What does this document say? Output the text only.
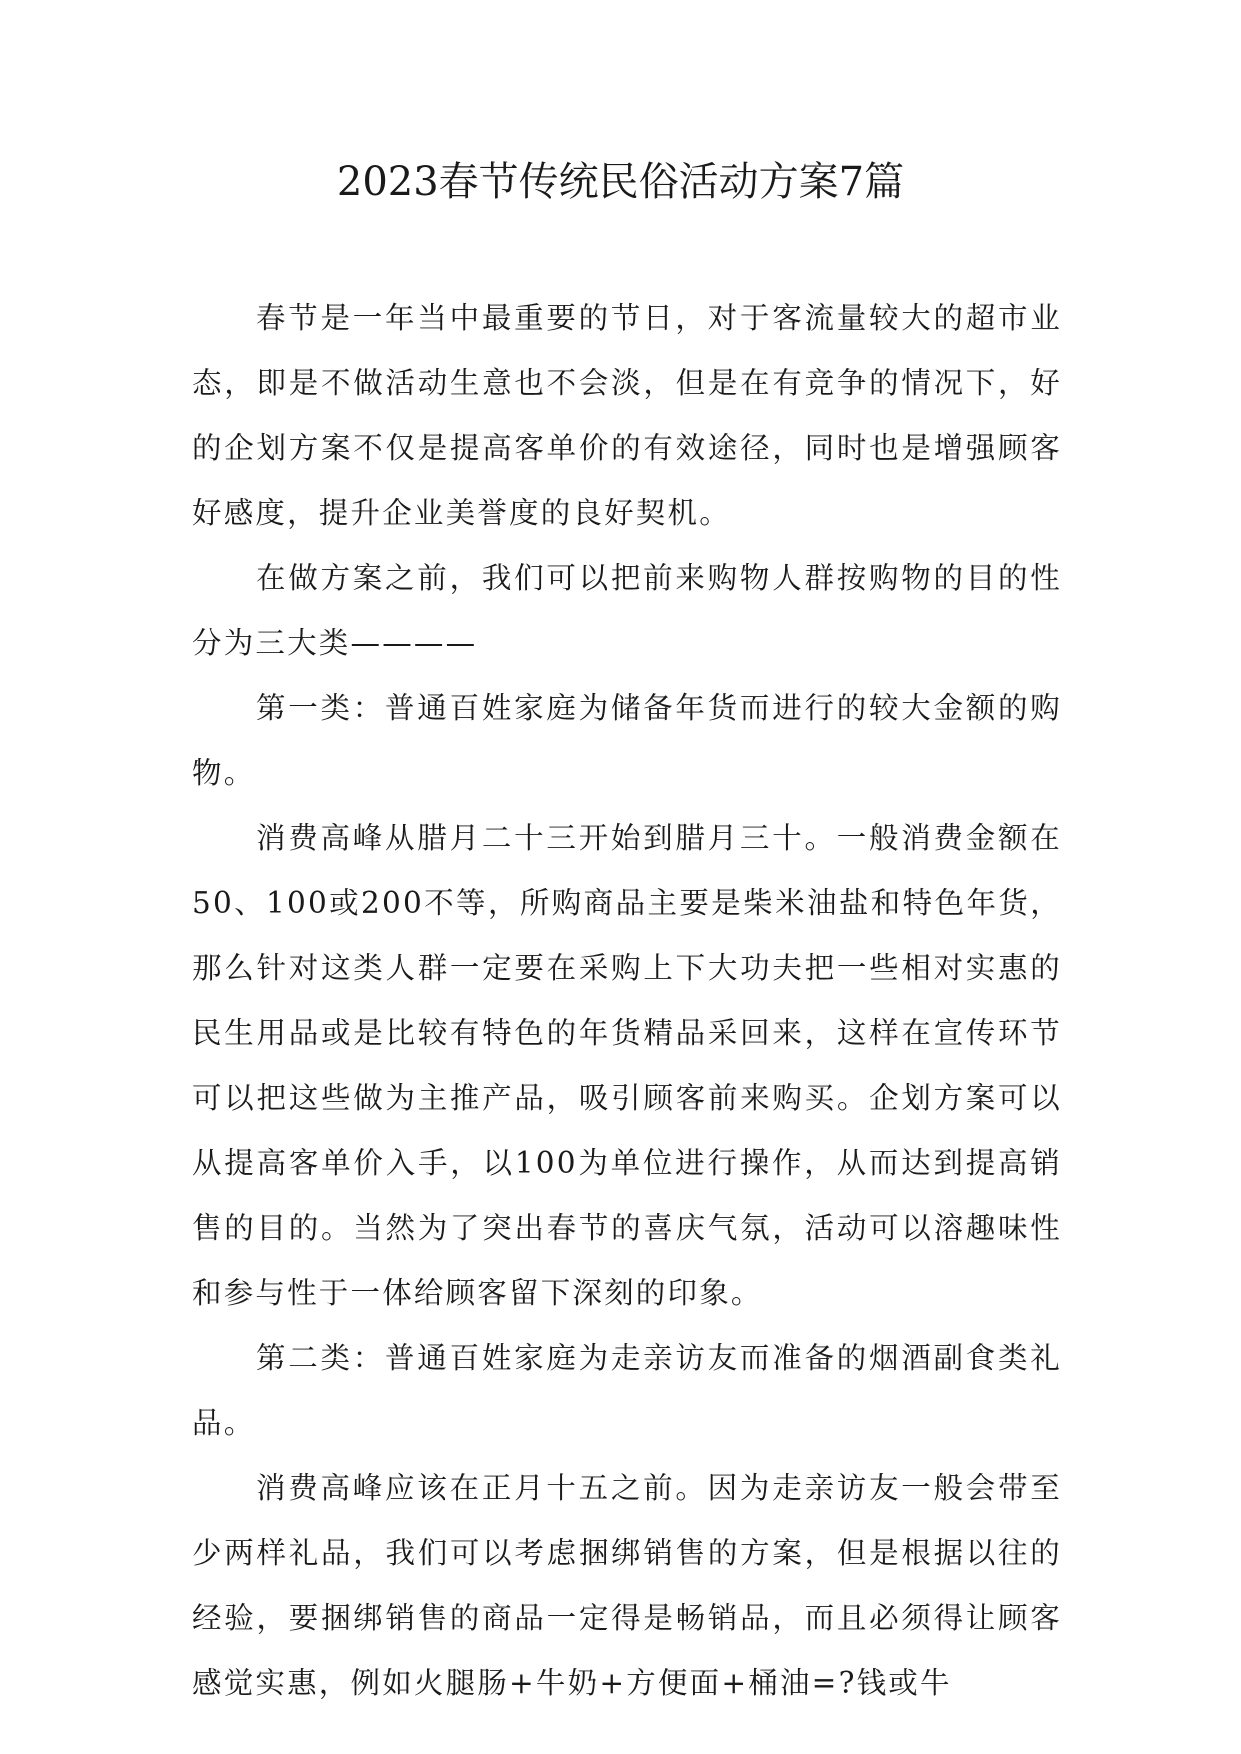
2023春节传统民俗活动方案7篇

春节是一年当中最重要的节日，对于客流量较大的超市业态，即是不做活动生意也不会淡，但是在有竞争的情况下，好的企划方案不仅是提高客单价的有效途径，同时也是增强顾客好感度，提升企业美誉度的良好契机。

在做方案之前，我们可以把前来购物人群按购物的目的性分为三大类————

第一类：普通百姓家庭为储备年货而进行的较大金额的购物。

消费高峰从腊月二十三开始到腊月三十。一般消费金额在50、100或200不等，所购商品主要是柴米油盐和特色年货，那么针对这类人群一定要在采购上下大功夫把一些相对实惠的民生用品或是比较有特色的年货精品采回来，这样在宣传环节可以把这些做为主推产品，吸引顾客前来购买。企划方案可以从提高客单价入手，以100为单位进行操作，从而达到提高销售的目的。当然为了突出春节的喜庆气氛，活动可以溶趣味性和参与性于一体给顾客留下深刻的印象。

第二类：普通百姓家庭为走亲访友而准备的烟酒副食类礼品。

消费高峰应该在正月十五之前。因为走亲访友一般会带至少两样礼品，我们可以考虑捆绑销售的方案，但是根据以往的经验，要捆绑销售的商品一定得是畅销品，而且必须得让顾客感觉实惠，例如火腿肠+牛奶+方便面+桶油=?钱或牛
